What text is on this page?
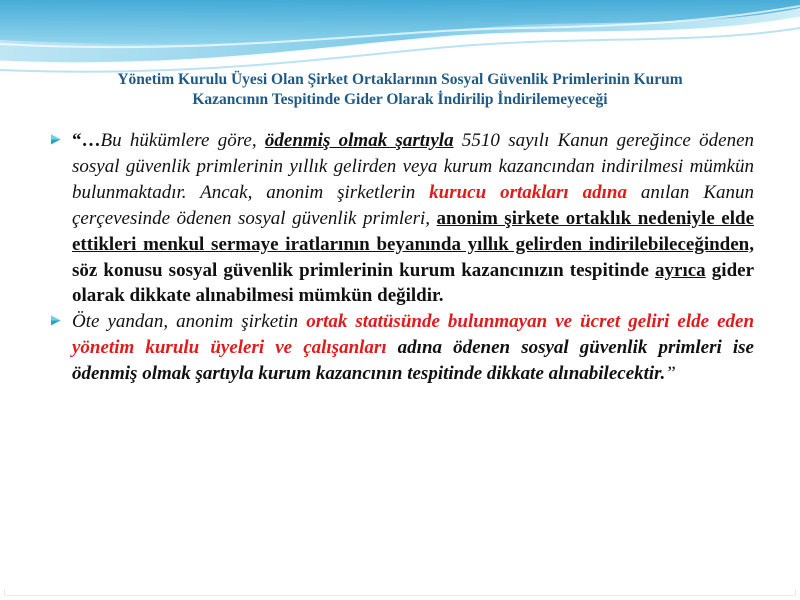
Yönetim Kurulu Üyesi Olan Şirket Ortaklarının Sosyal Güvenlik Primlerinin Kurum
Kazancının Tespitinde Gider Olarak İndirilip İndirilemeyeceği
“…Bu hükümlere göre, ödenmiş olmak şartıyla 5510 sayılı Kanun gereğince ödenen sosyal güvenlik primlerinin yıllık gelirden veya kurum kazancından indirilmesi mümkün bulunmaktadır. Ancak, anonim şirketlerin kurucu ortakları adına anılan Kanun çerçevesinde ödenen sosyal güvenlik primleri, anonim şirkete ortaklık nedeniyle elde ettikleri menkul sermaye iratlarının beyanında yıllık gelirden indirilebileceğinden, söz konusu sosyal güvenlik primlerinin kurum kazancınızın tespitinde ayrıca gider olarak dikkate alınabilmesi mümkün değildir.
Öte yandan, anonim şirketin ortak statüsünde bulunmayan ve ücret geliri elde eden yönetim kurulu üyeleri ve çalışanları adına ödenen sosyal güvenlik primleri ise ödenmiş olmak şartıyla kurum kazancının tespitinde dikkate alınabilecektir.”
